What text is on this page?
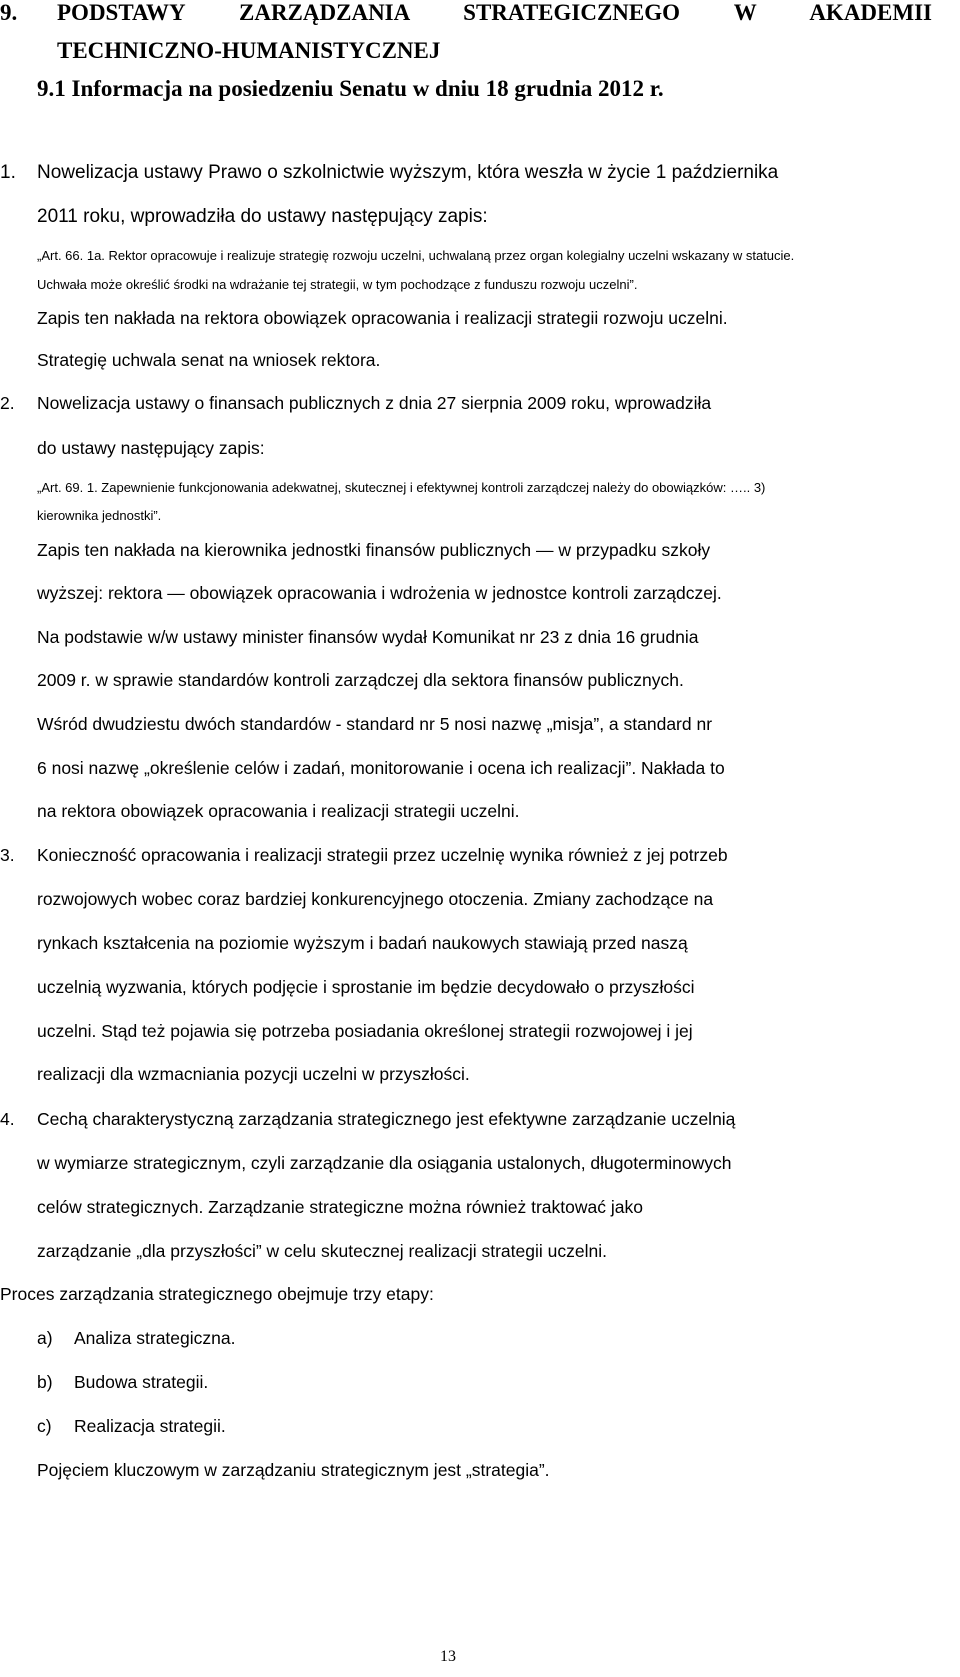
9. PODSTAWY ZARZĄDZANIA STRATEGICZNEGO W AKADEMII
TECHNICZNO-HUMANISTYCZNEJ
9.1 Informacja na posiedzeniu Senatu w dniu 18 grudnia 2012 r.
1. Nowelizacja ustawy Prawo o szkolnictwie wyższym, która weszła w życie 1 października
2011 roku, wprowadziła do ustawy następujący zapis:
„Art. 66. 1a. Rektor opracowuje i realizuje strategię rozwoju uczelni, uchwalaną przez organ kolegialny uczelni wskazany w statucie.
Uchwała może określić środki na wdrażanie tej strategii, w tym pochodzące z funduszu rozwoju uczelni”.
Zapis ten nakłada na rektora obowiązek opracowania i realizacji strategii rozwoju uczelni.
Strategię uchwala senat na wniosek rektora.
2. Nowelizacja ustawy o finansach publicznych z dnia 27 sierpnia 2009 roku, wprowadziła
do ustawy następujący zapis:
„Art. 69. 1. Zapewnienie funkcjonowania adekwatnej, skutecznej i efektywnej kontroli zarządczej należy do obowiązków: ….. 3)
kierownika jednostki”.
Zapis ten nakłada na kierownika jednostki finansów publicznych — w przypadku szkoły
wyższej: rektora — obowiązek opracowania i wdrożenia w jednostce kontroli zarządczej.
Na podstawie w/w ustawy minister finansów wydał Komunikat nr 23 z dnia 16 grudnia
2009 r. w sprawie standardów kontroli zarządczej dla sektora finansów publicznych.
Wśród dwudziestu dwóch standardów - standard nr 5 nosi nazwę „misja”, a standard nr
6 nosi nazwę „określenie celów i zadań, monitorowanie i ocena ich realizacji”. Nakłada to
na rektora obowiązek opracowania i realizacji strategii uczelni.
3. Konieczność opracowania i realizacji strategii przez uczelnię wynika również z jej potrzeb
rozwojowych wobec coraz bardziej konkurencyjnego otoczenia. Zmiany zachodzące na
rynkach kształcenia na poziomie wyższym i badań naukowych stawiają przed naszą
uczelnią wyzwania, których podjęcie i sprostanie im będzie decydowało o przyszłości
uczelni. Stąd też pojawia się potrzeba posiadania określonej strategii rozwojowej i jej
realizacji dla wzmacniania pozycji uczelni w przyszłości.
4. Cechą charakterystyczną zarządzania strategicznego jest efektywne zarządzanie uczelnią
w wymiarze strategicznym, czyli zarządzanie dla osiągania ustalonych, długoterminowych
celów strategicznych. Zarządzanie strategiczne można również traktować jako
zarządzanie „dla przyszłości” w celu skutecznej realizacji strategii uczelni.
Proces zarządzania strategicznego obejmuje trzy etapy:
a) Analiza strategiczna.
b) Budowa strategii.
c) Realizacja strategii.
Pojęciem kluczowym w zarządzaniu strategicznym jest „strategia”.
13
